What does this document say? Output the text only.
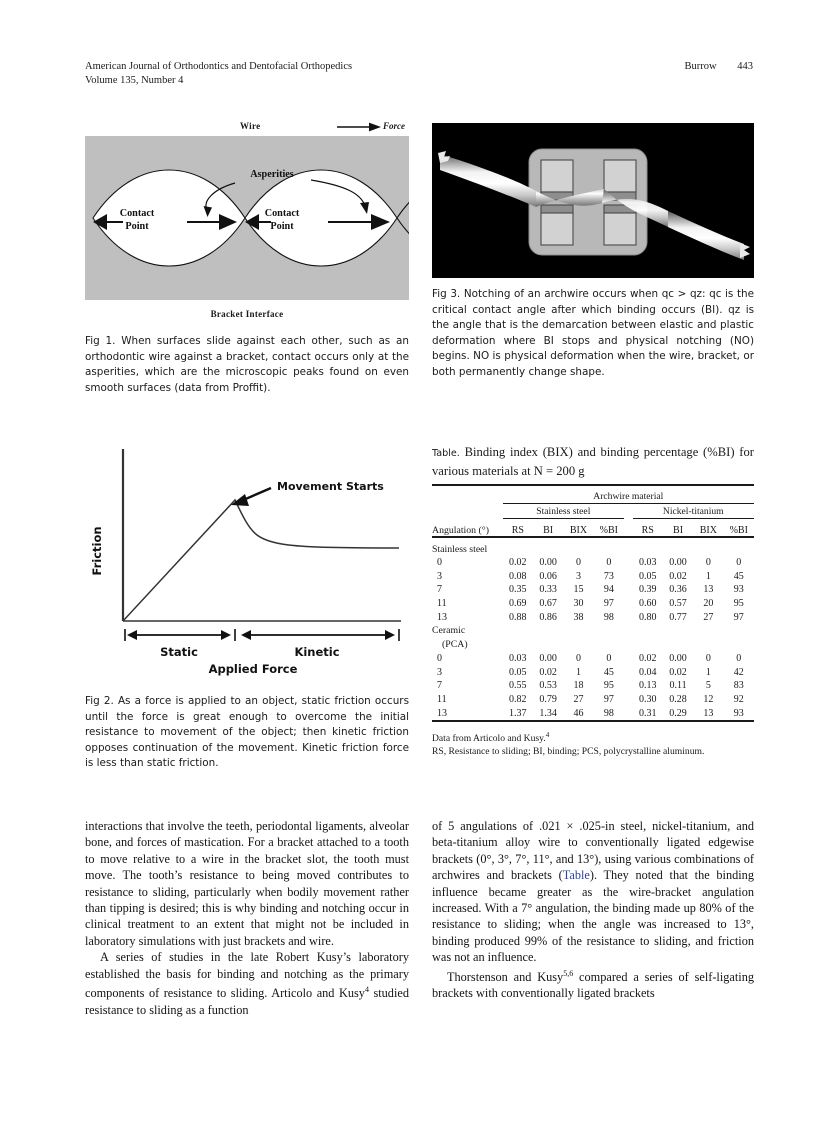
American Journal of Orthodontics and Dentofacial Orthopedics
Volume 135, Number 4
Burrow 443
Wire	Force
Contact
Point
Contact
Point
Asperities
Bracket Interface
Fig 1. When surfaces slide against each other, such as an orthodontic wire against a bracket, contact occurs only at the asperities, which are the microscopic peaks found on even smooth surfaces (data from Proffit).
Fig 3. Notching of an archwire occurs when qᴄ > qᴢ: qᴄ is the critical contact angle after which binding occurs (BI). qᴢ is the angle that is the demarcation between elastic and plastic deformation where BI stops and physical notching (NO) begins. NO is physical deformation when the wire, bracket, or both permanently change shape.
Friction
Movement Starts
Static	Kinetic
Applied Force
Fig 2. As a force is applied to an object, static friction occurs until the force is great enough to overcome the initial resistance to movement of the object; then kinetic friction opposes continuation of the movement. Kinetic friction force is less than static friction.
Table. Binding index (BIX) and binding percentage (%BI) for various materials at N = 200 g

	Archwire material								

	Stainless steel					Nickel-titanium			

Angulation (°)	RS	BI	BIX	%BI		RS	BI	BIX	%BI

Stainless steel									
0	0.02	0.00	0	0		0.03	0.00	0	0
3	0.08	0.06	3	73		0.05	0.02	1	45
7	0.35	0.33	15	94		0.39	0.36	13	93
11	0.69	0.67	30	97		0.60	0.57	20	95
13	0.88	0.86	38	98		0.80	0.77	27	97
Ceramic									
(PCA)									
0	0.03	0.00	0	0		0.02	0.00	0	0
3	0.05	0.02	1	45		0.04	0.02	1	42
7	0.55	0.53	18	95		0.13	0.11	5	83
11	0.82	0.79	27	97		0.30	0.28	12	92
13	1.37	1.34	46	98		0.31	0.29	13	93

Data from Articolo and Kusy.$^4$
RS, Resistance to sliding; BI, binding; PCS, polycrystalline aluminum.

interactions that involve the teeth, periodontal ligaments, alveolar bone, and forces of mastication. For a bracket attached to a tooth to move relative to a wire in the bracket slot, the tooth must move. The tooth’s resistance to being moved contributes to resistance to sliding, particularly when bodily movement rather than tipping is desired; this is why binding and notching occur in clinical treatment to an extent that might not be included in laboratory simulations with just brackets and wire.

A series of studies in the late Robert Kusy’s laboratory established the basis for binding and notching as the primary components of resistance to sliding. Articolo and Kusy$^4$ studied resistance to sliding as a function

of 5 angulations of .021 × .025-in steel, nickel-titanium, and beta-titanium alloy wire to conventionally ligated edgewise brackets (0°, 3°, 7°, 11°, and 13°), using various combinations of archwires and brackets (Table). They noted that the binding influence became greater as the wire-bracket angulation increased. With a 7° angulation, the binding made up 80% of the resistance to sliding; when the angle was increased to 13°, binding produced 99% of the resistance to sliding, and friction was not an influence.

Thorstenson and Kusy$^{5,6}$ compared a series of self-ligating brackets with conventionally ligated brackets
